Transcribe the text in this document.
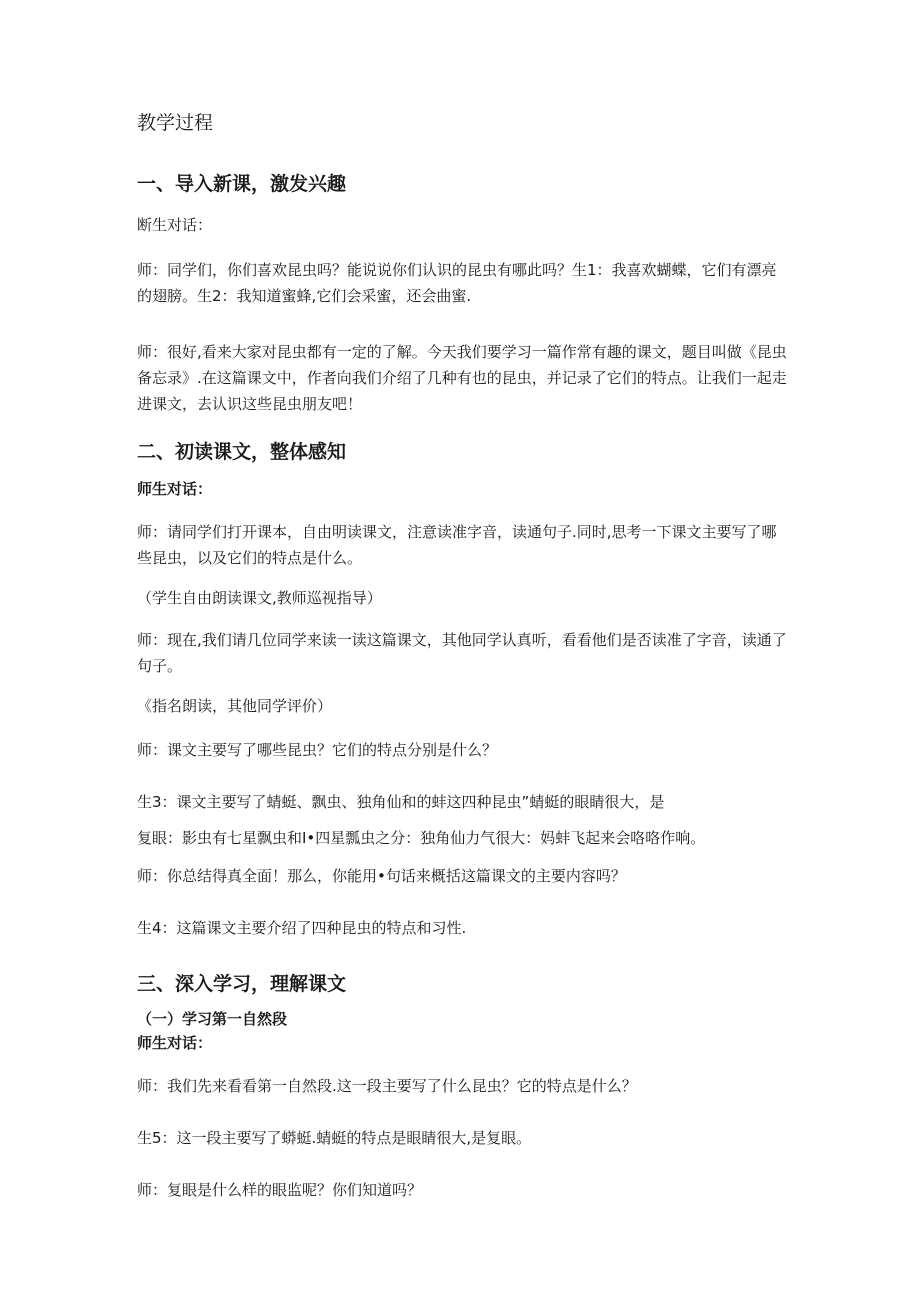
教学过程
一、导入新课，激发兴趣
断生对话：
师：同学们，你们喜欢昆虫吗？能说说你们认识的昆虫有哪此吗？生1：我喜欢蝴蝶，它们有漂亮的翅膀。生2：我知道蜜蜂,它们会采蜜，还会曲蜜.
师：很好,看来大家对昆虫都有一定的了解。今天我们要学习一篇作常有趣的课文，题目叫做《昆虫备忘录》.在这篇课文中，作者向我们介绍了几种有也的昆虫，并记录了它们的特点。让我们一起走进课文，去认识这些昆虫朋友吧！
二、初读课文，整体感知
师生对话：
师：请同学们打开课本，自由明读课文，注意读准字音，读通句子.同时,思考一下课文主要写了哪些昆虫，以及它们的特点是什么。
（学生自由朗读课文,教师巡视指导）
师：现在,我们请几位同学来读一读这篇课文，其他同学认真听，看看他们是否读准了字音，读通了句子。
《指名朗读，其他同学评价）
师：课文主要写了哪些昆虫？它们的特点分别是什么？
生3：课文主要写了蜻蜓、飘虫、独角仙和的蚌这四种昆虫”蜻蜓的眼睛很大，是
复眼：影虫有七星飘虫和I•四星瓢虫之分：独角仙力气很大：妈蚌飞起来会咯咯作响。
师：你总结得真全面！那么，你能用•句话来概括这篇课文的主要内容吗？
生4：这篇课文主要介绍了四种昆虫的特点和习性.
三、深入学习，理解课文
（一）学习第一自然段
师生对话：
师：我们先来看看第一自然段.这一段主要写了什么昆虫？它的特点是什么？
生5：这一段主要写了蟒蜓.蜻蜓的特点是眼睛很大,是复眼。
师：复眼是什么样的眼监呢？你们知道吗？
